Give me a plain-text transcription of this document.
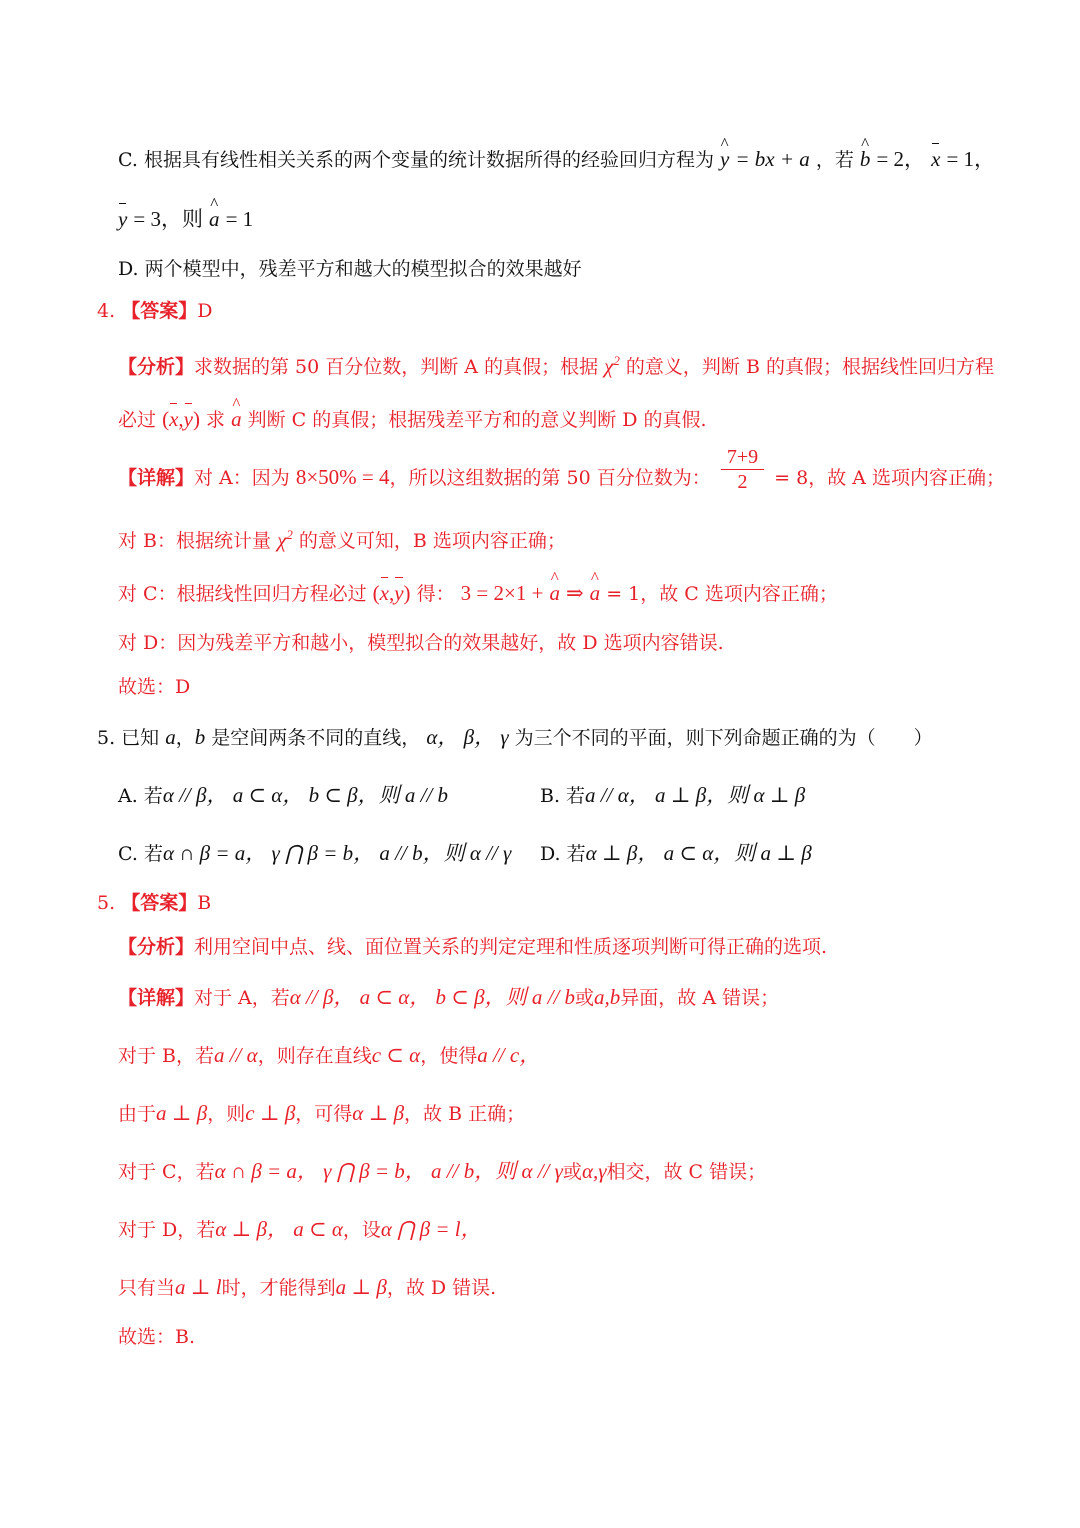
C. 根据具有线性相关关系的两个变量的统计数据所得的经验回归方程为 ^ y = bx + a ，若 ^ b = 2， x = 1，
y = 3，则 ^ a = 1
D. 两个模型中，残差平方和越大的模型拟合的效果越好
4. 【答案】D
【分析】求数据的第 50 百分位数，判断 A 的真假；根据 $\chi^2$ 的意义，判断 B 的真假；根据线性回归方程
必过 (x,y) 求 ^ a 判断 C 的真假；根据残差平方和的意义判断 D 的真假.
【详解】对 A：因为 8×50% = 4，所以这组数据的第 50 百分位数为： $\frac{7+9}{2} = 8$，故 A 选项内容正确；
对 B：根据统计量 $\chi^2$ 的意义可知，B 选项内容正确；
对 C：根据线性回归方程必过 (x,y) 得： 3 = 2×1 + ^ a ⇒ ^ a = 1，故 C 选项内容正确；
对 D：因为残差平方和越小，模型拟合的效果越好，故 D 选项内容错误.
故选：D
5. 已知 a，b 是空间两条不同的直线， α， β， γ 为三个不同的平面，则下列命题正确的为（　　）
A. 若α // β， a ⊂ α， b ⊂ β，则 a // b	B. 若a // α， a ⊥ β，则 α ⊥ β
C. 若α ∩ β = a， γ ⋂ β = b， a // b，则 α // γ D. 若α ⊥ β， a ⊂ α，则 a ⊥ β
5. 【答案】B
【分析】利用空间中点、线、面位置关系的判定定理和性质逐项判断可得正确的选项.
【详解】对于 A，若α // β， a ⊂ α， b ⊂ β，则 a // b或a,b异面，故 A 错误；
对于 B，若a // α，则存在直线c ⊂ α，使得a // c，
由于a ⊥ β，则c ⊥ β，可得α ⊥ β，故 B 正确；
对于 C，若α ∩ β = a， γ ⋂ β = b， a // b，则 α // γ或α,γ相交，故 C 错误；
对于 D，若α ⊥ β， a ⊂ α，设α ⋂ β = l，
只有当a ⊥ l时，才能得到a ⊥ β，故 D 错误.
故选：B.
